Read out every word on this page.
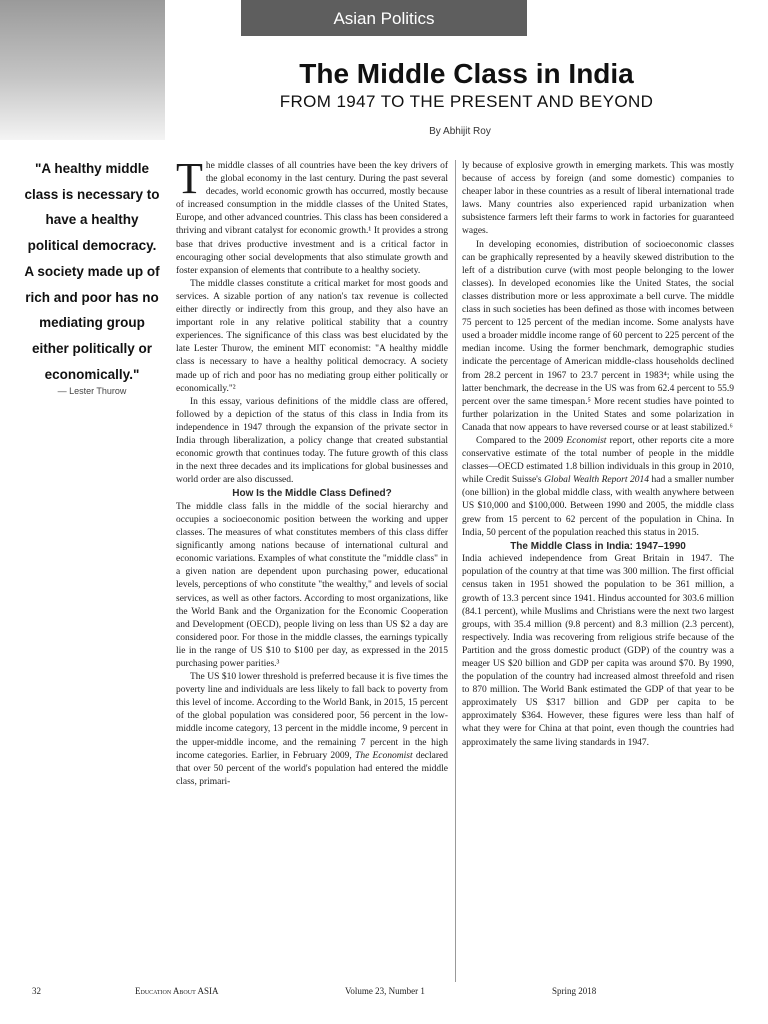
Asian Politics
The Middle Class in India
FROM 1947 TO THE PRESENT AND BEYOND
By Abhijit Roy
"A healthy middle class is necessary to have a healthy political democracy. A society made up of rich and poor has no mediating group either politically or economically."
— Lester Thurow

The middle classes of all countries have been the key drivers of the global economy in the last century. During the past several decades, world economic growth has occurred, mostly because of increased consumption in the middle classes of the United States, Europe, and other advanced countries. This class has been considered a thriving and vibrant catalyst for economic growth.¹ It provides a strong base that drives productive investment and is a critical factor in encouraging other social developments that also stimulate growth and foster expansion of elements that contribute to a healthy society.

The middle classes constitute a critical market for most goods and services. A sizable portion of any nation's tax revenue is collected either directly or indirectly from this group, and they also have an important role in any relative political stability that a country experiences. The significance of this class was best elucidated by the late Lester Thurow, the eminent MIT economist: "A healthy middle class is necessary to have a healthy political democracy. A society made up of rich and poor has no mediating group either politically or economically."²

In this essay, various definitions of the middle class are offered, followed by a depiction of the status of this class in India from its independence in 1947 through the expansion of the private sector in India through liberalization, a policy change that created substantial economic growth that continues today. The future growth of this class in the next three decades and its implications for global businesses and world order are also discussed.

How Is the Middle Class Defined?

The middle class falls in the middle of the social hierarchy and occupies a socioeconomic position between the working and upper classes. The measures of what constitutes members of this class differ significantly among nations because of international cultural and economic variations. Examples of what constitute the "middle class" in a given nation are dependent upon purchasing power, educational levels, perceptions of who constitute "the wealthy," and levels of social services, as well as other factors. According to most organizations, like the World Bank and the Organization for the Economic Cooperation and Development (OECD), people living on less than US $2 a day are considered poor. For those in the middle classes, the earnings typically lie in the range of US $10 to $100 per day, as expressed in the 2015 purchasing power parities.³

The US $10 lower threshold is preferred because it is five times the poverty line and individuals are less likely to fall back to poverty from this level of income. According to the World Bank, in 2015, 15 percent of the global population was considered poor, 56 percent in the low-middle income category, 13 percent in the middle income, 9 percent in the upper-middle income, and the remaining 7 percent in the high income categories. Earlier, in February 2009, The Economist declared that over 50 percent of the world's population had entered the middle class, primari-

ly because of explosive growth in emerging markets. This was mostly because of access by foreign (and some domestic) companies to cheaper labor in these countries as a result of liberal international trade laws. Many countries also experienced rapid urbanization when subsistence farmers left their farms to work in factories for guaranteed wages.

In developing economies, distribution of socioeconomic classes can be graphically represented by a heavily skewed distribution to the left of a distribution curve (with most people belonging to the lower classes). In developed economies like the United States, the social classes distribution more or less approximate a bell curve. The middle class in such societies has been defined as those with incomes between 75 percent to 125 percent of the median income. Some analysts have used a broader middle income range of 60 percent to 225 percent of the median income. Using the former benchmark, demographic studies indicate the percentage of American middle-class households declined from 28.2 percent in 1967 to 23.7 percent in 1983⁴; while using the latter benchmark, the decrease in the US was from 62.4 percent to 55.9 percent over the same timespan.⁵ More recent studies have pointed to further polarization in the United States and some polarization in Canada that now appears to have reversed course or at least stabilized.⁶

Compared to the 2009 Economist report, other reports cite a more conservative estimate of the total number of people in the middle classes—OECD estimated 1.8 billion individuals in this group in 2010, while Credit Suisse's Global Wealth Report 2014 had a smaller number (one billion) in the global middle class, with wealth anywhere between US $10,000 and $100,000. Between 1990 and 2005, the middle class grew from 15 percent to 62 percent of the population in China. In India, 50 percent of the population reached this status in 2015.

The Middle Class in India: 1947–1990

India achieved independence from Great Britain in 1947. The population of the country at that time was 300 million. The first official census taken in 1951 showed the population to be 361 million, a growth of 13.3 percent since 1941. Hindus accounted for 303.6 million (84.1 percent), while Muslims and Christians were the next two largest groups, with 35.4 million (9.8 percent) and 8.3 million (2.3 percent), respectively. India was recovering from religious strife because of the Partition and the gross domestic product (GDP) of the country was a meager US $20 billion and GDP per capita was around $70. By 1990, the population of the country had increased almost threefold and risen to 870 million. The World Bank estimated the GDP of that year to be approximately US $317 billion and GDP per capita to be approximately $364. However, these figures were less than half of what they were for China at that point, even though the countries had approximately the same living standards in 1947.

32	Education About ASIA	Volume 23, Number 1	Spring 2018
